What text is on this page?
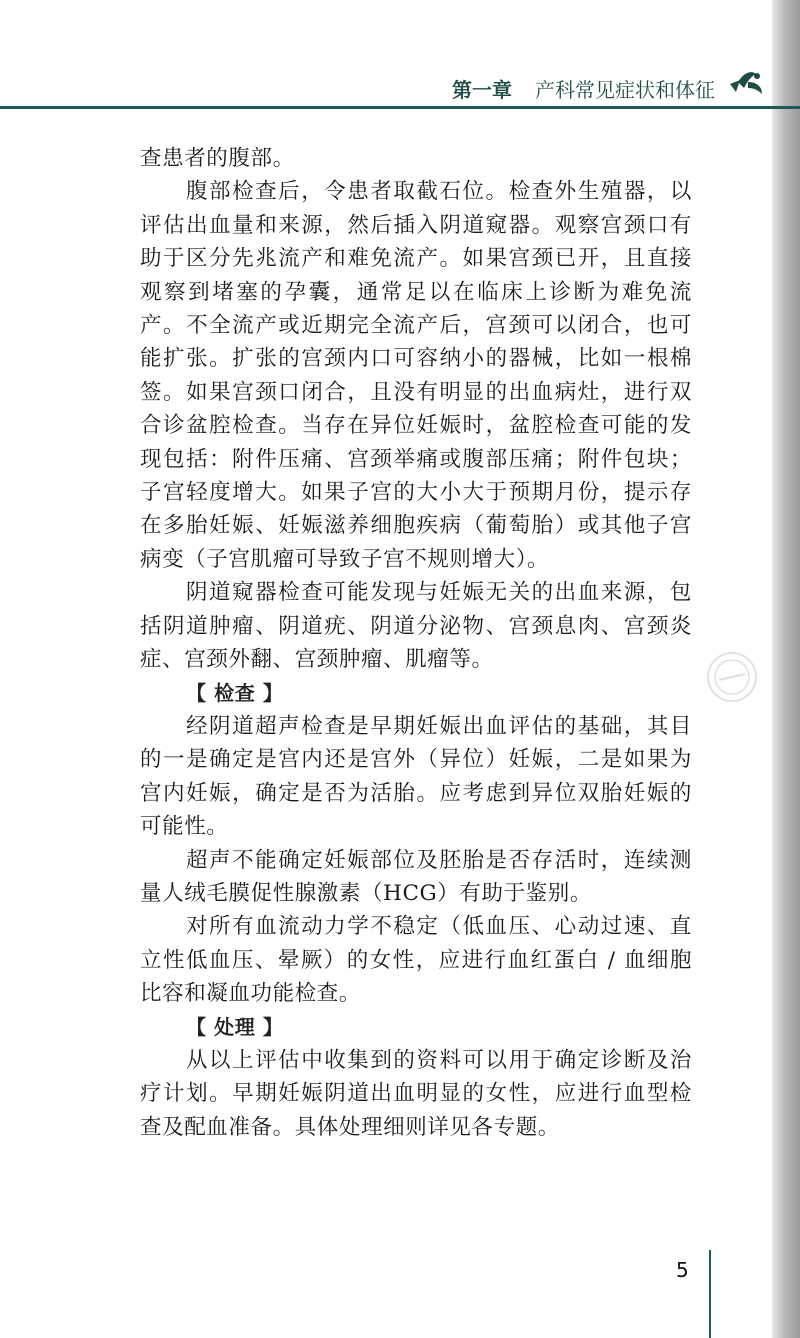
第一章 产科常见症状和体征

查患者的腹部。

腹部检查后，令患者取截石位。检查外生殖器，以评估出血量和来源，然后插入阴道窥器。观察宫颈口有助于区分先兆流产和难免流产。如果宫颈已开，且直接观察到堵塞的孕囊，通常足以在临床上诊断为难免流产。不全流产或近期完全流产后，宫颈可以闭合，也可能扩张。扩张的宫颈内口可容纳小的器械，比如一根棉签。如果宫颈口闭合，且没有明显的出血病灶，进行双合诊盆腔检查。当存在异位妊娠时，盆腔检查可能的发现包括：附件压痛、宫颈举痛或腹部压痛；附件包块；子宫轻度增大。如果子宫的大小大于预期月份，提示存在多胎妊娠、妊娠滋养细胞疾病（葡萄胎）或其他子宫病变（子宫肌瘤可导致子宫不规则增大）。

阴道窥器检查可能发现与妊娠无关的出血来源，包括阴道肿瘤、阴道疣、阴道分泌物、宫颈息肉、宫颈炎症、宫颈外翻、宫颈肿瘤、肌瘤等。

【 检查 】

经阴道超声检查是早期妊娠出血评估的基础，其目的一是确定是宫内还是宫外（异位）妊娠，二是如果为宫内妊娠，确定是否为活胎。应考虑到异位双胎妊娠的可能性。

超声不能确定妊娠部位及胚胎是否存活时，连续测量人绒毛膜促性腺激素（HCG）有助于鉴别。

对所有血流动力学不稳定（低血压、心动过速、直立性低血压、晕厥）的女性，应进行血红蛋白 / 血细胞比容和凝血功能检查。

【 处理 】

从以上评估中收集到的资料可以用于确定诊断及治疗计划。早期妊娠阴道出血明显的女性，应进行血型检查及配血准备。具体处理细则详见各专题。

5
